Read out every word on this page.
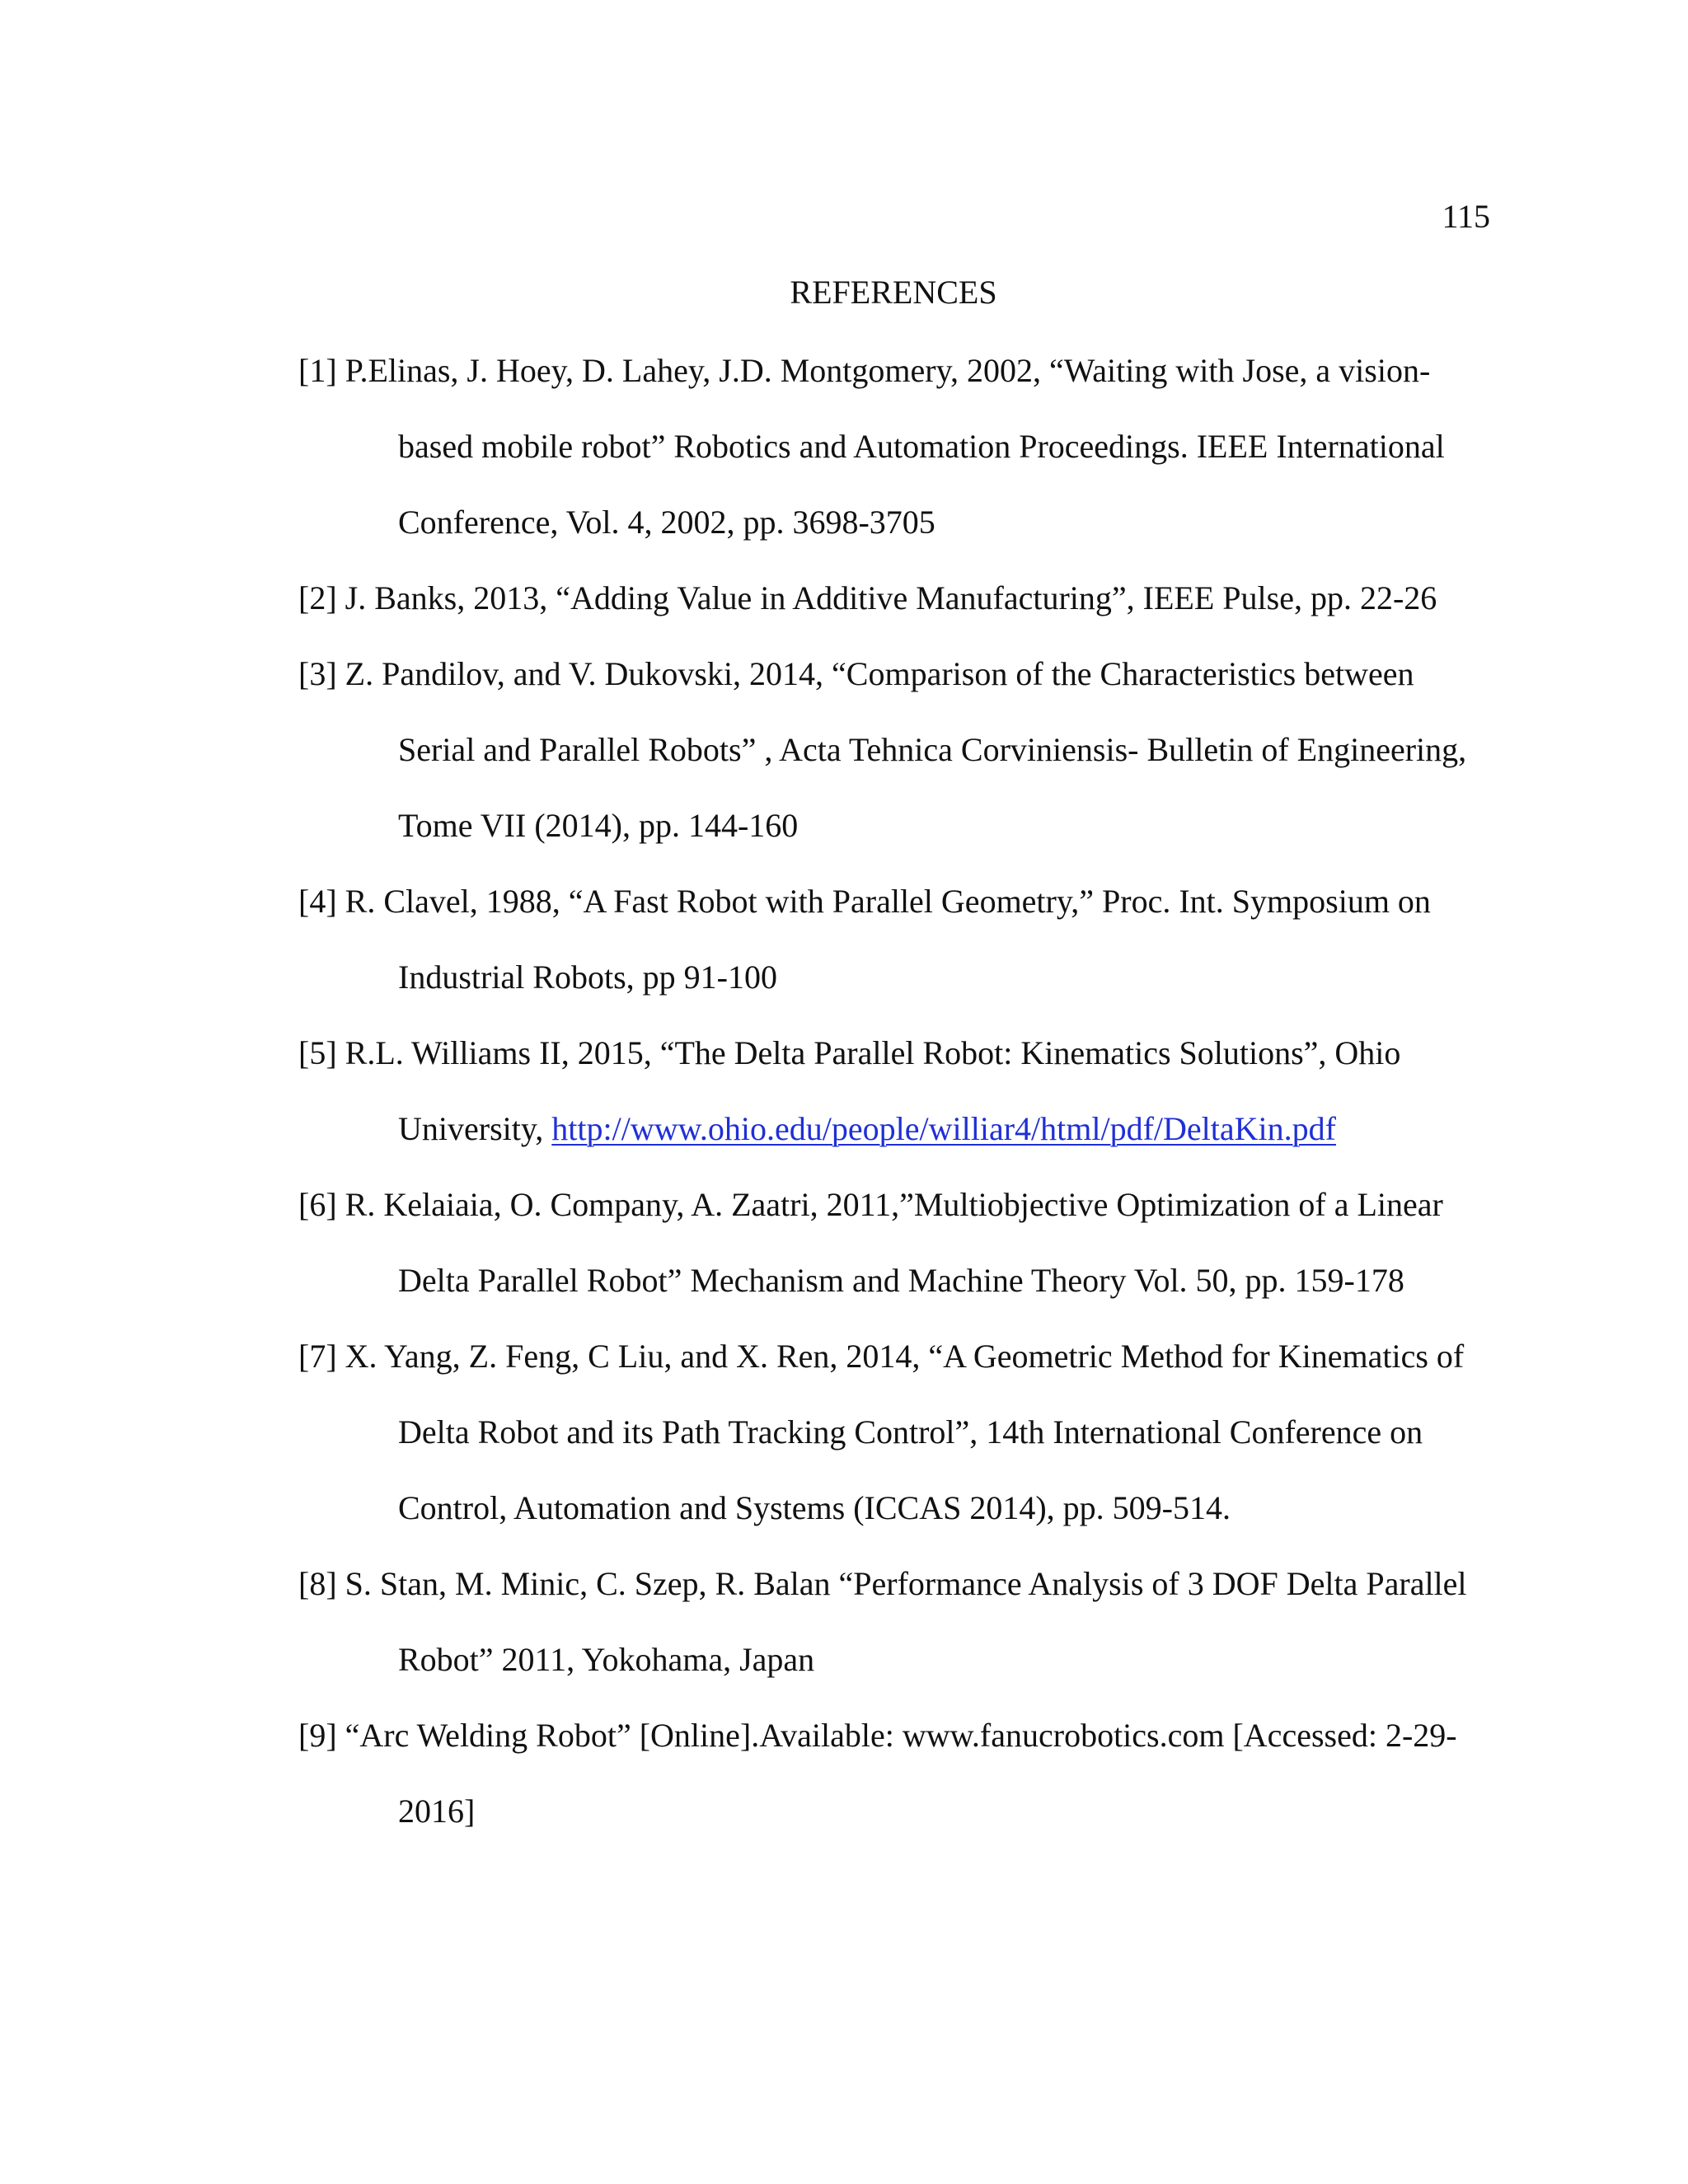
115
REFERENCES
[1] P.Elinas, J. Hoey, D. Lahey, J.D. Montgomery, 2002, “Waiting with Jose, a vision-
based mobile robot” Robotics and Automation Proceedings. IEEE International
Conference, Vol. 4, 2002, pp. 3698-3705
[2] J. Banks, 2013, “Adding Value in Additive Manufacturing”, IEEE Pulse, pp. 22-26
[3] Z. Pandilov, and V. Dukovski, 2014, “Comparison of the Characteristics between
Serial and Parallel Robots” , Acta Tehnica Corviniensis- Bulletin of Engineering,
Tome VII (2014), pp. 144-160
[4] R. Clavel, 1988, “A Fast Robot with Parallel Geometry,” Proc. Int. Symposium on
Industrial Robots, pp 91-100
[5] R.L. Williams II, 2015, “The Delta Parallel Robot: Kinematics Solutions”, Ohio
University, http://www.ohio.edu/people/williar4/html/pdf/DeltaKin.pdf
[6] R. Kelaiaia, O. Company, A. Zaatri, 2011,”Multiobjective Optimization of a Linear
Delta Parallel Robot” Mechanism and Machine Theory Vol. 50, pp. 159-178
[7] X. Yang, Z. Feng, C Liu, and X. Ren, 2014, “A Geometric Method for Kinematics of
Delta Robot and its Path Tracking Control”, 14th International Conference on
Control, Automation and Systems (ICCAS 2014), pp. 509-514.
[8] S. Stan, M. Minic, C. Szep, R. Balan “Performance Analysis of 3 DOF Delta Parallel
Robot” 2011, Yokohama, Japan
[9] “Arc Welding Robot” [Online].Available: www.fanucrobotics.com [Accessed: 2-29-
2016]
